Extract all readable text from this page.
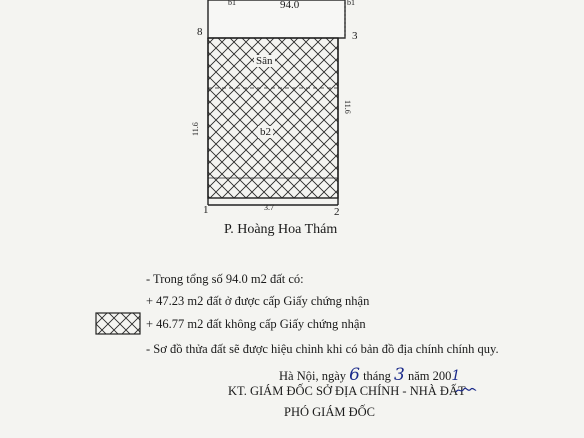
94.0
b1	b1
8	3
1	2
Sân
b2
11.6
11.6
3.7
P. Hoàng Hoa Thám
- Trong tổng số 94.0 m2 đất có:
+ 47.23 m2 đất ở được cấp Giấy chứng nhận
+ 46.77 m2 đất không cấp Giấy chứng nhận
- Sơ đồ thửa đất sẽ được hiệu chỉnh khi có bản đồ địa chính chính quy.
Hà Nội, ngày 6 tháng 3 năm 2001
KT. GIÁM ĐỐC SỞ ĐỊA CHÍNH - NHÀ ĐẤT
PHÓ GIÁM ĐỐC
